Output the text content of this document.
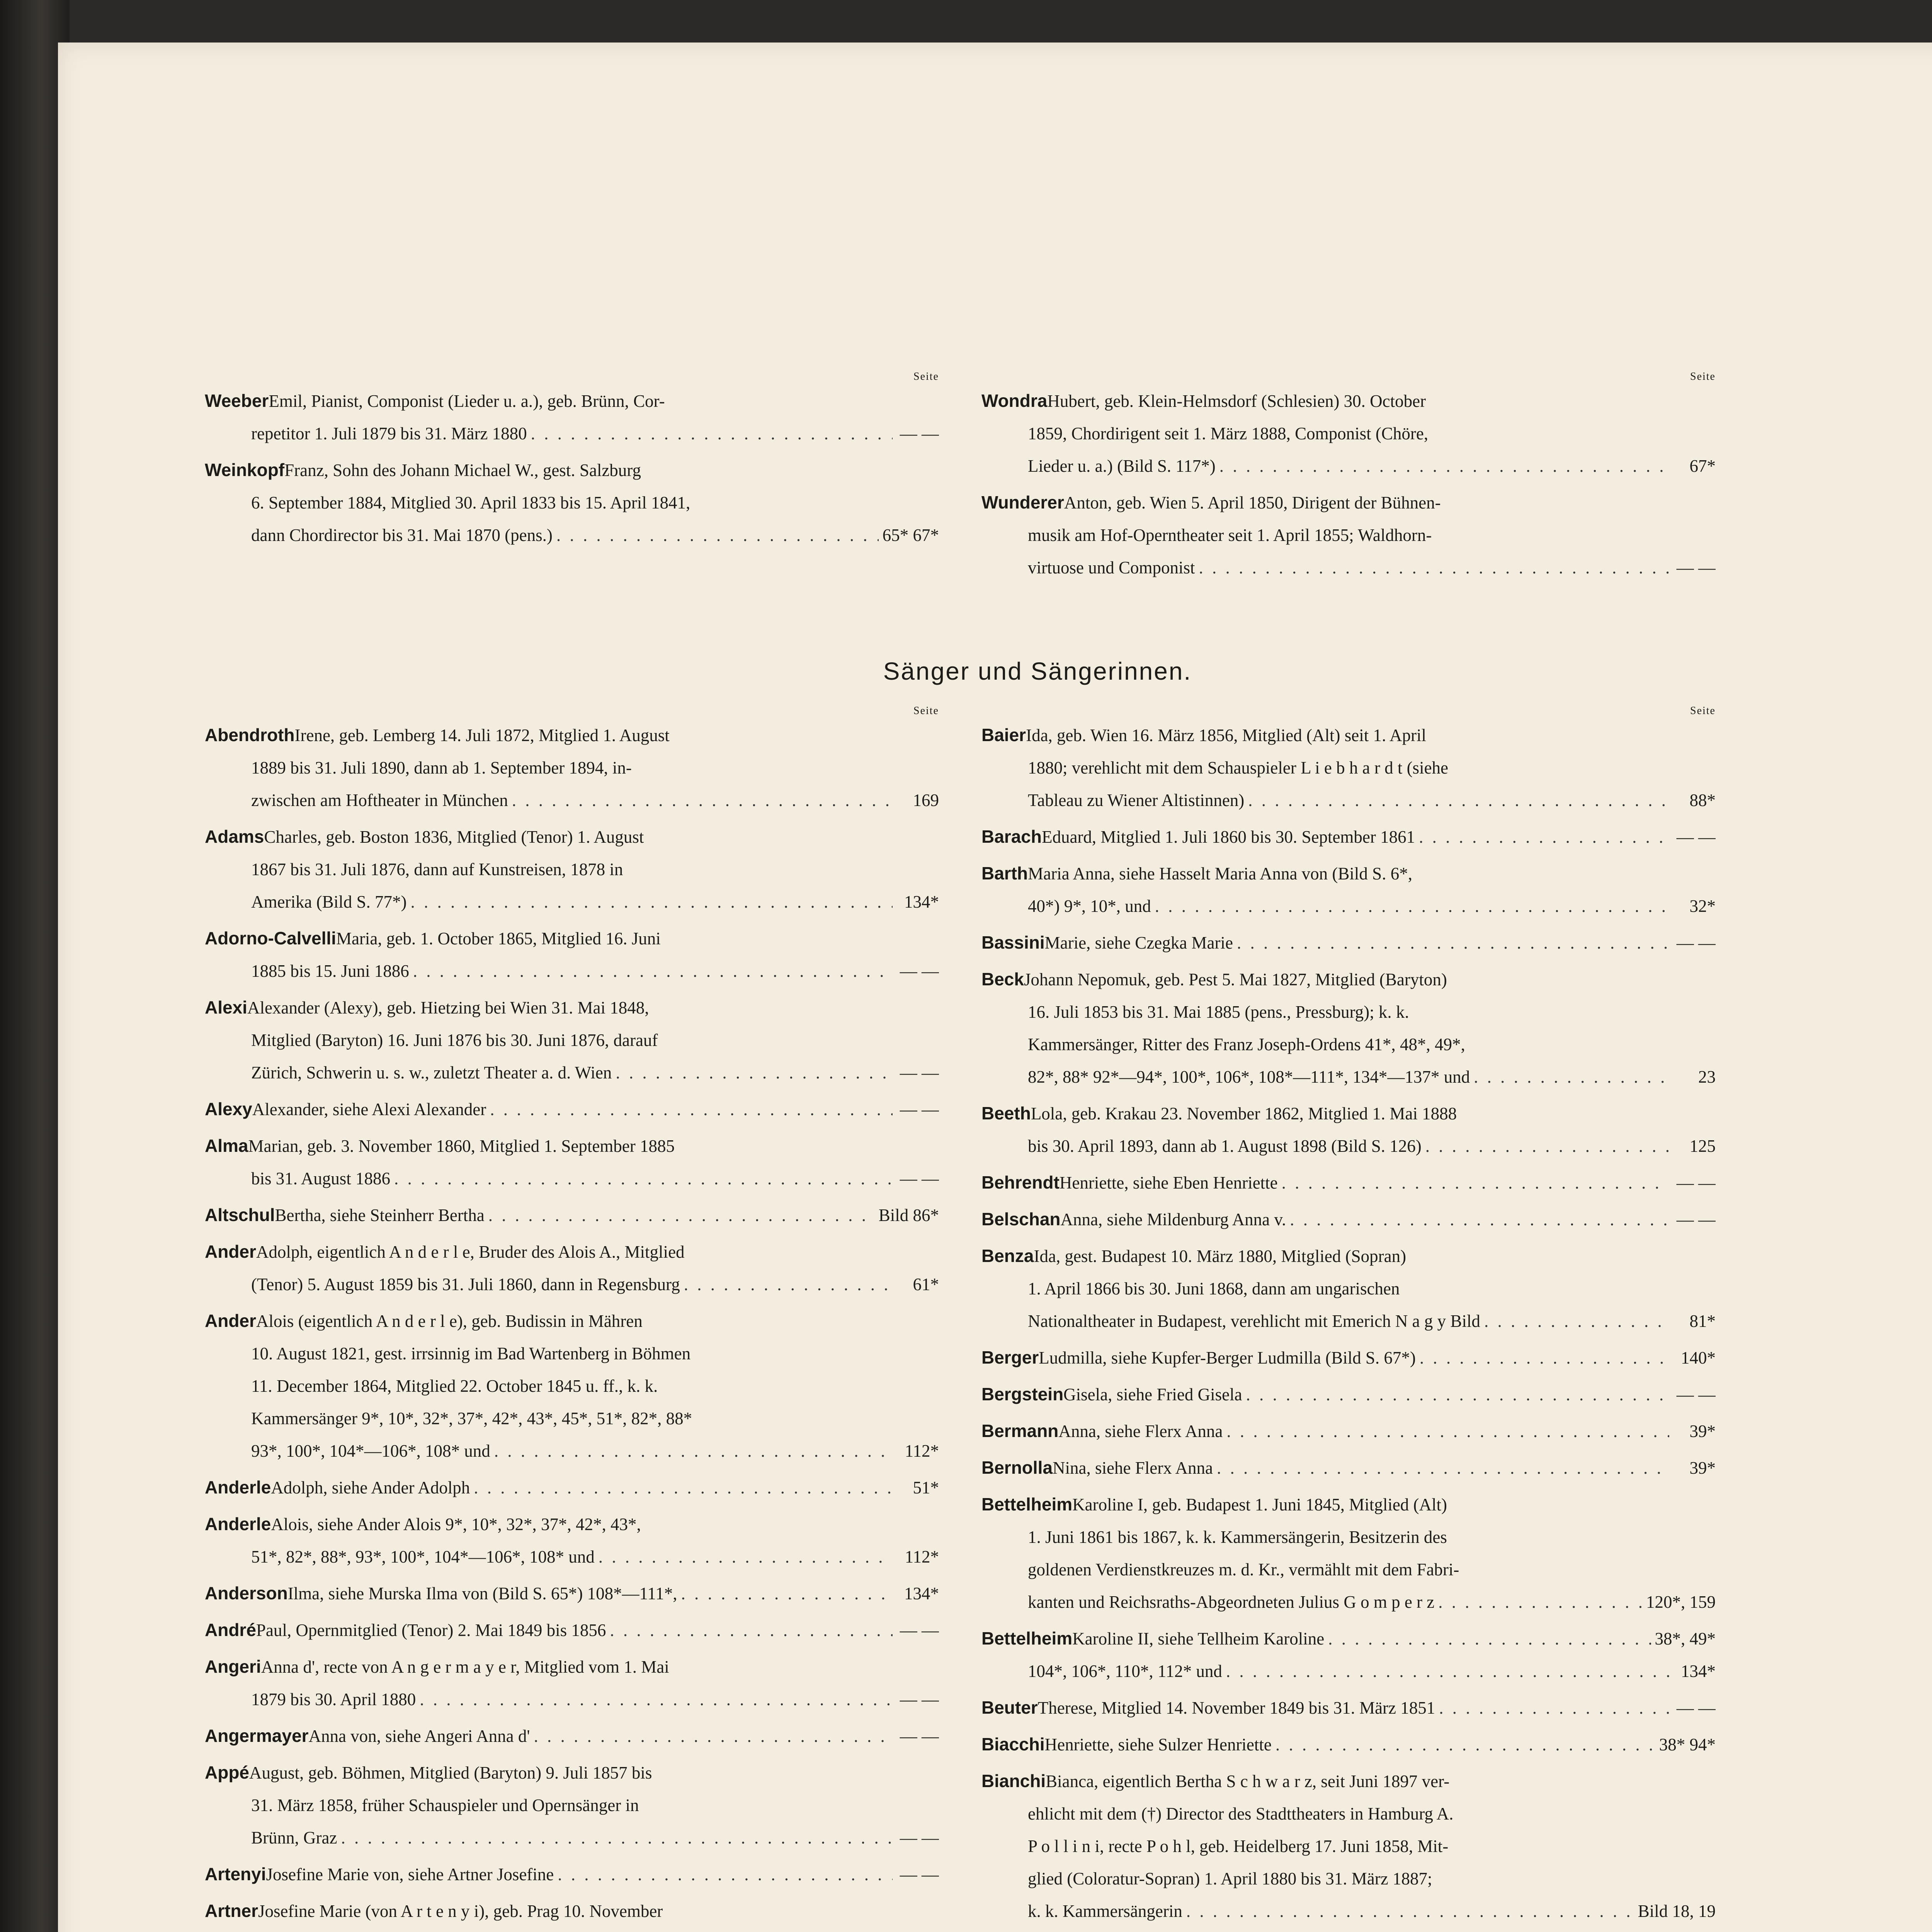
Seite
Weeber Emil, Pianist, Componist (Lieder u. a.), geb. Brünn, Cor-
repetitor 1. Juli 1879 bis 31. März 1880 . . .	— —
Weinkopf Franz, Sohn des Johann Michael W., gest. Salzburg
6. September 1884, Mitglied 30. April 1833 bis 15. April 1841,
dann Chordirector bis 31. Mai 1870 (pens.) . . .	65* 67*
Seite
Wondra Hubert, geb. Klein-Helmsdorf (Schlesien) 30. October
1859, Chordirigent seit 1. März 1888, Componist (Chöre,
Lieder u. a.) (Bild S. 117*) . . .	67*
Wunderer Anton, geb. Wien 5. April 1850, Dirigent der Bühnen-
musik am Hof-Operntheater seit 1. April 1855; Waldhorn-
virtuose und Componist . . .	— —
Sänger und Sängerinnen.
Seite
Abendroth Irene, geb. Lemberg 14. Juli 1872, Mitglied 1. August
1889 bis 31. Juli 1890, dann ab 1. September 1894, in-
zwischen am Hoftheater in München . . .	169
Adams Charles, geb. Boston 1836, Mitglied (Tenor) 1. August
1867 bis 31. Juli 1876, dann auf Kunstreisen, 1878 in
Amerika (Bild S. 77*) . . .	134*
Adorno-Calvelli Maria, geb. 1. October 1865, Mitglied 16. Juni
1885 bis 15. Juni 1886 . . .	— —
Alexi Alexander (Alexy), geb. Hietzing bei Wien 31. Mai 1848,
Mitglied (Baryton) 16. Juni 1876 bis 30. Juni 1876, darauf
Zürich, Schwerin u. s. w., zuletzt Theater a. d. Wien . . .	— —
Alexy Alexander, siehe Alexi Alexander . . .	— —
Alma Marian, geb. 3. November 1860, Mitglied 1. September 1885
bis 31. August 1886 . . .	— —
Altschul Bertha, siehe Steinherr Bertha . . .	Bild 86*
Ander Adolph, eigentlich A n d e r l e, Bruder des Alois A., Mitglied
(Tenor) 5. August 1859 bis 31. Juli 1860, dann in Regensburg . . .	61*
Ander Alois (eigentlich A n d e r l e), geb. Budissin in Mähren
10. August 1821, gest. irrsinnig im Bad Wartenberg in Böhmen
11. December 1864, Mitglied 22. October 1845 u. ff., k. k.
Kammersänger 9*, 10*, 32*, 37*, 42*, 43*, 45*, 51*, 82*, 88*
93*, 100*, 104*—106*, 108* und . . .	112*
Anderle Adolph, siehe Ander Adolph . . .	51*
Anderle Alois, siehe Ander Alois 9*, 10*, 32*, 37*, 42*, 43*,
51*, 82*, 88*, 93*, 100*, 104*—106*, 108* und . . .	112*
Anderson Ilma, siehe Murska Ilma von (Bild S. 65*) 108*—111*, . . .	134*
André Paul, Opernmitglied (Tenor) 2. Mai 1849 bis 1856 . . .	— —
Angeri Anna d', recte von A n g e r m a y e r, Mitglied vom 1. Mai
1879 bis 30. April 1880 . . .	— —
Angermayer Anna von, siehe Angeri Anna d' . . .	— —
Appé August, geb. Böhmen, Mitglied (Baryton) 9. Juli 1857 bis
31. März 1858, früher Schauspieler und Opernsänger in
Brünn, Graz . . .	— —
Artenyi Josefine Marie von, siehe Artner Josefine . . .	— —
Artner Josefine Marie (von A r t e n y i), geb. Prag 10. November
Seite
Baier Ida, geb. Wien 16. März 1856, Mitglied (Alt) seit 1. April
1880; verehlicht mit dem Schauspieler L i e b h a r d t (siehe
Tableau zu Wiener Altistinnen) . . .	88*
Barach Eduard, Mitglied 1. Juli 1860 bis 30. September 1861 . . .	— —
Barth Maria Anna, siehe Hasselt Maria Anna von (Bild S. 6*,
40*) 9*, 10*, und . . .	32*
Bassini Marie, siehe Czegka Marie . . .	— —
Beck Johann Nepomuk, geb. Pest 5. Mai 1827, Mitglied (Baryton)
16. Juli 1853 bis 31. Mai 1885 (pens., Pressburg); k. k.
Kammersänger, Ritter des Franz Joseph-Ordens 41*, 48*, 49*,
82*, 88* 92*—94*, 100*, 106*, 108*—111*, 134*—137* und . . .	23
Beeth Lola, geb. Krakau 23. November 1862, Mitglied 1. Mai 1888
bis 30. April 1893, dann ab 1. August 1898 (Bild S. 126) . . .	125
Behrendt Henriette, siehe Eben Henriette . . .	— —
Belschan Anna, siehe Mildenburg Anna v. . . .	— —
Benza Ida, gest. Budapest 10. März 1880, Mitglied (Sopran)
1. April 1866 bis 30. Juni 1868, dann am ungarischen
Nationaltheater in Budapest, verehlicht mit Emerich N a g y Bild . . .	81*
Berger Ludmilla, siehe Kupfer-Berger Ludmilla (Bild S. 67*) . . .	140*
Bergstein Gisela, siehe Fried Gisela . . .	— —
Bermann Anna, siehe Flerx Anna . . .	39*
Bernolla Nina, siehe Flerx Anna . . .	39*
Bettelheim Karoline I, geb. Budapest 1. Juni 1845, Mitglied (Alt)
1. Juni 1861 bis 1867, k. k. Kammersängerin, Besitzerin des
goldenen Verdienstkreuzes m. d. Kr., vermählt mit dem Fabri-
kanten und Reichsraths-Abgeordneten Julius G o m p e r z . . .	120*, 159
Bettelheim Karoline II, siehe Tellheim Karoline . . .	38*, 49*
104*, 106*, 110*, 112* und . . .	134*
Beuter Therese, Mitglied 14. November 1849 bis 31. März 1851 . . .	— —
Biacchi Henriette, siehe Sulzer Henriette . . .	38* 94*
Bianchi Bianca, eigentlich Bertha S c h w a r z, seit Juni 1897 ver-
ehlicht mit dem (†) Director des Stadttheaters in Hamburg A.
P o l l i n i, recte P o h l, geb. Heidelberg 17. Juni 1858, Mit-
glied (Coloratur-Sopran) 1. April 1880 bis 31. März 1887;
k. k. Kammersängerin . . .	Bild 18, 19
